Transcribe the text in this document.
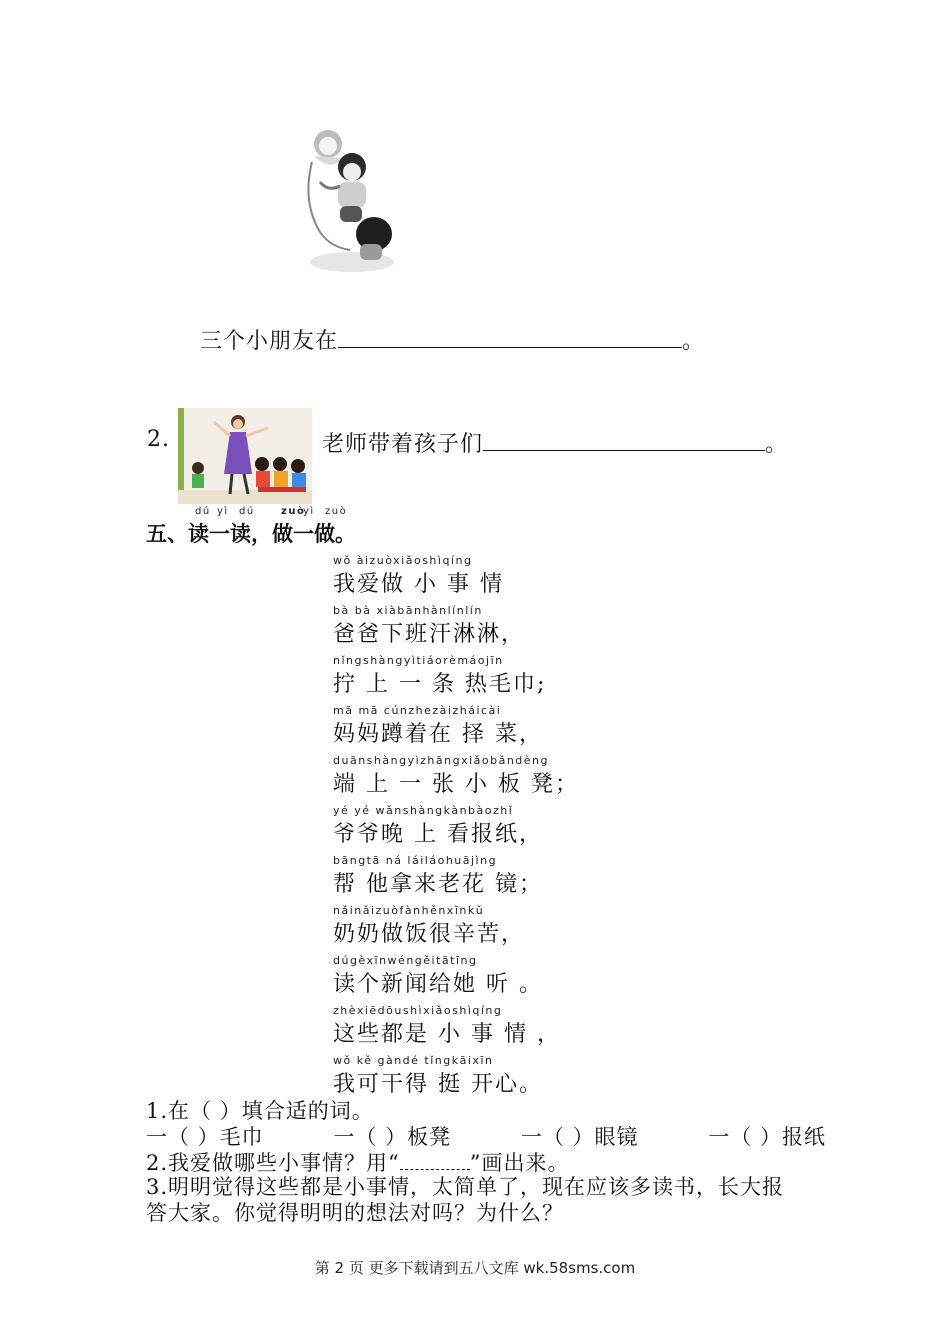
三个小朋友在	。
2.	老师带着孩子们	。
dú yì dú	zuòyì zuò
五、读一读，做一做。
wǒ àizuòxiǎoshìqíng
我爱做 小 事 情
bà bà xiàbānhànlínlín
爸爸下班汗淋淋，
nǐngshàngyìtiáorèmáojīn
拧 上 一 条 热毛巾;
mā mā cúnzhezàizháicài
妈妈蹲着在 择 菜，
duānshàngyìzhāngxiǎobǎndèng
端 上 一 张 小 板 凳；
yé yé wǎnshàngkànbàozhǐ
爷爷晚 上 看报纸，
bāngtā ná láiláohuājìng
帮 他拿来老花 镜；
nǎinǎizuòfànhěnxīnkǔ
奶奶做饭很辛苦，
dúgèxīnwéngěitātīng
读个新闻给她 听 。
zhèxiēdōushìxiǎoshìqíng
这些都是 小 事 情 ，
wǒ kě gàndé tǐngkāixīn
我可干得 挺 开心。
1.在（ ）填合适的词。
一（ ）毛巾	一（ ）板凳	一（ ）眼镜	一（ ）报纸
2.我爱做哪些小事情？用“	”画出来。
3.明明觉得这些都是小事情，太简单了，现在应该多读书，长大报
答大家。你觉得明明的想法对吗？为什么？
第 2 页 更多下载请到五八文库 wk.58sms.com
